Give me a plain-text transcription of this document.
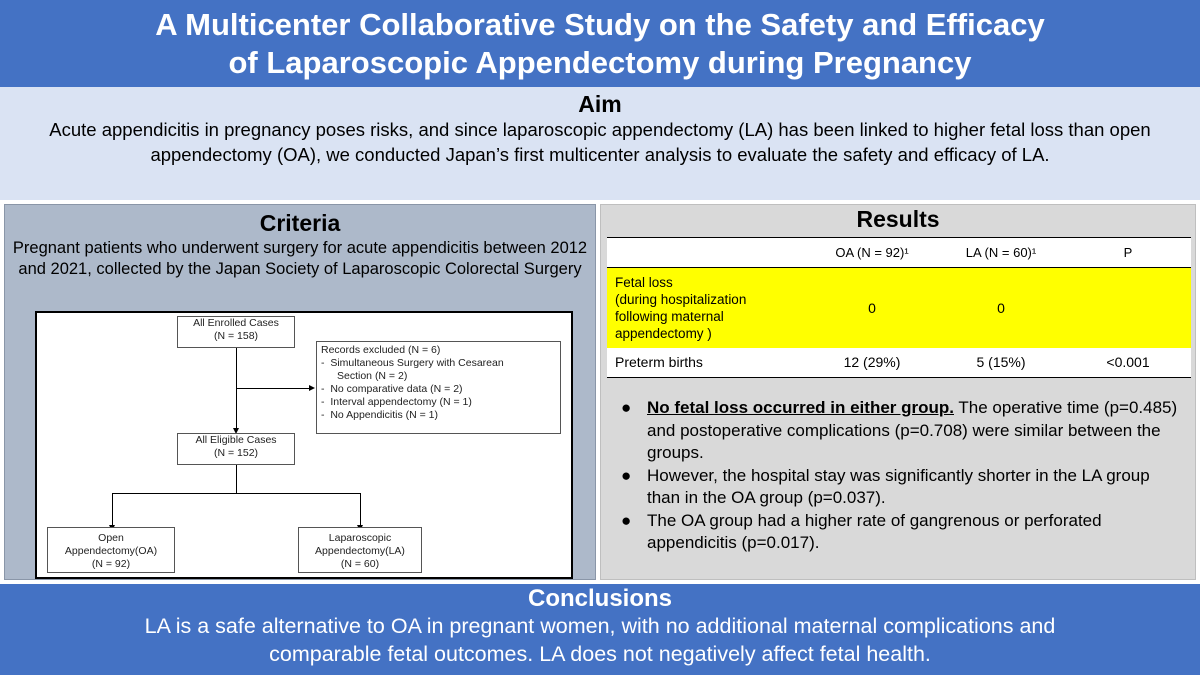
A Multicenter Collaborative Study on the Safety and Efficacy
of Laparoscopic Appendectomy during Pregnancy
Aim

Acute appendicitis in pregnancy poses risks, and since laparoscopic appendectomy (LA) has been linked to higher fetal loss than open appendectomy (OA), we conducted Japan’s first multicenter analysis to evaluate the safety and efficacy of LA.

Criteria

Pregnant patients who underwent surgery for acute appendicitis between 2012 and 2021, collected by the Japan Society of Laparoscopic Colorectal Surgery

All Enrolled Cases
(N = 158)
Records excluded (N = 6)
-  Simultaneous Surgery with Cesarean
Section (N = 2)
-  No comparative data (N = 2)
-  Interval appendectomy (N = 1)
-  No Appendicitis (N = 1)
All Eligible Cases
(N = 152)
Open
Appendectomy(OA)
(N = 92)
Laparoscopic
Appendectomy(LA)
(N = 60)
Results
	OA (N = 92)¹	LA (N = 60)¹	P

Fetal loss
(during hospitalization
following maternal
appendectomy )	0	0	
Preterm births	12 (29%)	5 (15%)	<0.001
● No fetal loss occurred in either group. The operative time (p=0.485) and postoperative complications (p=0.708) were similar between the groups.
● However, the hospital stay was significantly shorter in the LA group than in the OA group (p=0.037).
● The OA group had a higher rate of gangrenous or perforated appendicitis (p=0.017).
Conclusions

LA is a safe alternative to OA in pregnant women, with no additional maternal complications and

comparable fetal outcomes. LA does not negatively affect fetal health.
